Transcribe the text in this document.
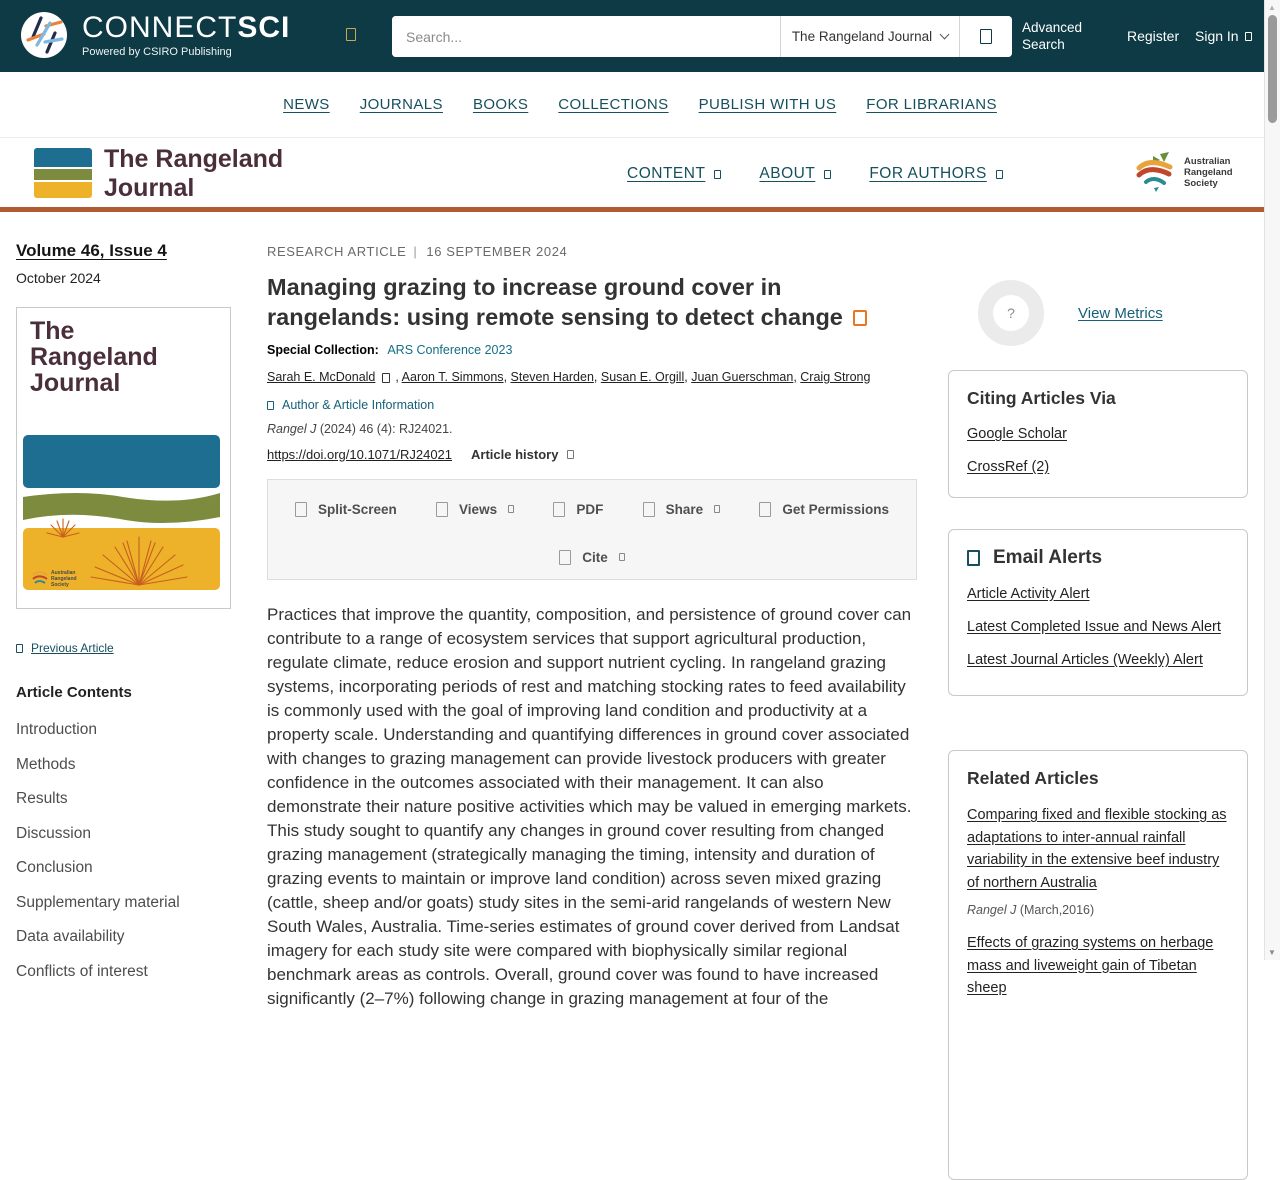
CONNECTSCI
Powered by CSIRO Publishing
Search...
The Rangeland Journal
Advanced Search
Register Sign In
NEWS JOURNALS BOOKS COLLECTIONS PUBLISH WITH US FOR LIBRARIANS
The Rangeland
Journal
CONTENT	ABOUT	FOR AUTHORS
Australian
Rangeland
Society
Volume 46, Issue 4
October 2024
The
Rangeland
Journal
Australian
Rangeland
Society
Previous Article
Article Contents
Introduction
Methods
Results
Discussion
Conclusion
Supplementary material
Data availability
Conflicts of interest
RESEARCH ARTICLE | 16 SEPTEMBER 2024
Managing grazing to increase ground cover in
rangelands: using remote sensing to detect change
Special Collection: ARS Conference 2023
Sarah E. McDonald , Aaron T. Simmons , Steven Harden , Susan E. Orgill , Juan Guerschman, Craig Strong
Author & Article Information
Rangel J (2024) 46 (4): RJ24021.
https://doi.org/10.1071/RJ24021 Article history
Split-Screen	Views	PDF	Share	Get Permissions
Cite

Practices that improve the quantity, composition, and persistence of ground cover can contribute to a range of ecosystem services that support agricultural production, regulate climate, reduce erosion and support nutrient cycling. In rangeland grazing systems, incorporating periods of rest and matching stocking rates to feed availability is commonly used with the goal of improving land condition and productivity at a property scale. Understanding and quantifying differences in ground cover associated with changes to grazing management can provide livestock producers with greater confidence in the outcomes associated with their management. It can also demonstrate their nature positive activities which may be valued in emerging markets. This study sought to quantify any changes in ground cover resulting from changed grazing management (strategically managing the timing, intensity and duration of grazing events to maintain or improve land condition) across seven mixed grazing (cattle, sheep and/or goats) study sites in the semi-arid rangelands of western New South Wales, Australia. Time-series estimates of ground cover derived from Landsat imagery for each study site were compared with biophysically similar regional benchmark areas as controls. Overall, ground cover was found to have increased significantly (2–7%) following change in grazing management at four of the

?	View Metrics
Citing Articles Via
Google Scholar
CrossRef (2)
Email Alerts
Article Activity Alert
Latest Completed Issue and News Alert
Latest Journal Articles (Weekly) Alert
Related Articles
Comparing fixed and flexible stocking as adaptations to inter-annual rainfall variability in the extensive beef industry of northern Australia
Rangel J (March,2016)
Effects of grazing systems on herbage mass and liveweight gain of Tibetan sheep
▲
▼
